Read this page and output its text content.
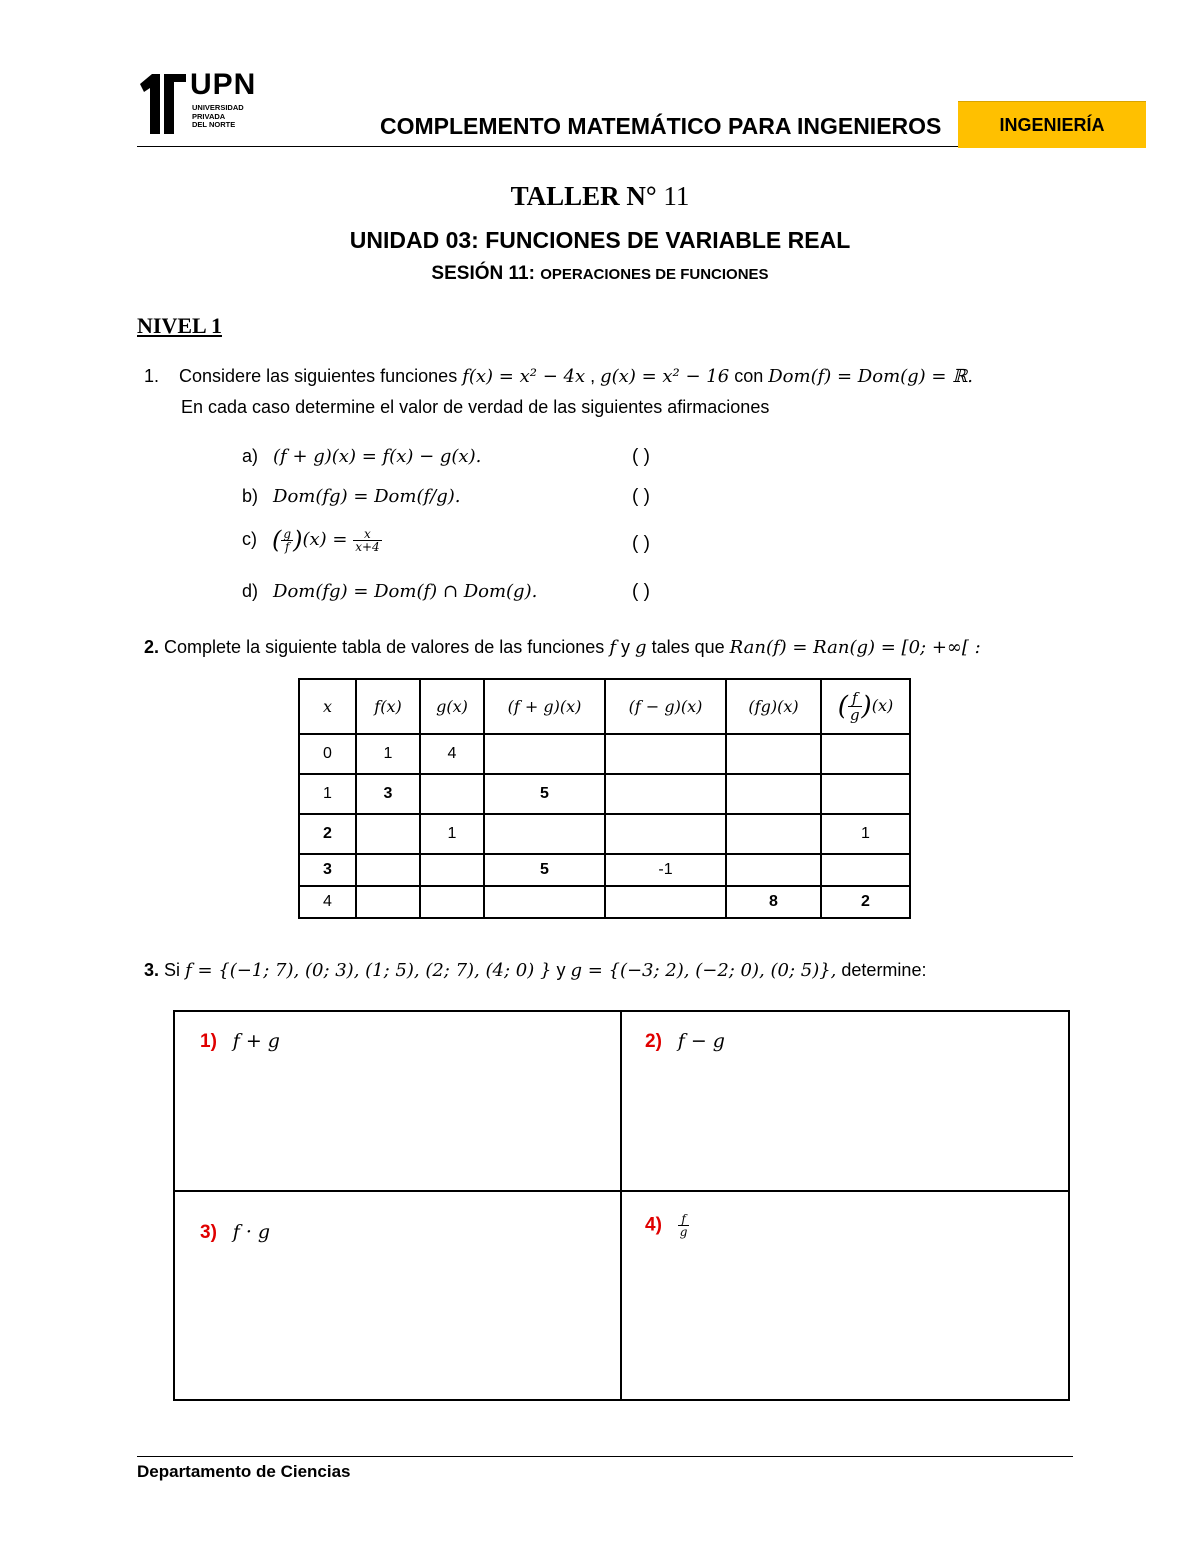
UPN
UNIVERSIDAD
PRIVADA
DEL NORTE	COMPLEMENTO MATEMÁTICO PARA INGENIEROS	INGENIERÍA
TALLER N° 11
UNIDAD 03: FUNCIONES DE VARIABLE REAL
SESIÓN 11: OPERACIONES DE FUNCIONES
NIVEL 1
1. Considere las siguientes funciones f(x) = x² − 4x , g(x) = x² − 16 con Dom(f) = Dom(g) = ℝ.
En cada caso determine el valor de verdad de las siguientes afirmaciones
a) (f + g)(x) = f(x) − g(x).	( )
b) Dom(fg) = Dom(f/g).	( )
c) ( $\frac{g}{f} )(x) = \frac{x}{x+4}$	( )
d) Dom(fg) = Dom(f) ∩ Dom(g).	( )
2. Complete la siguiente tabla de valores de las funciones f y g tales que Ran(f) = Ran(g) = [0; +∞[ :
x	f(x)	g(x)	(f + g)(x)	(f − g)(x)	(fg)(x)	( $\frac{f}{g} )(x)$
0	1	4				
1	3		5			
2		1				1
3			5	-1		
4					8	2
3. Si f = {(−1; 7), (0; 3), (1; 5), (2; 7), (4; 0) } y g = {(−3; 2), (−2; 0), (0; 5)}, determine:
1) f + g	2) f − g
3) f · g	$4) \frac{f}{g}$
Departamento de Ciencias
